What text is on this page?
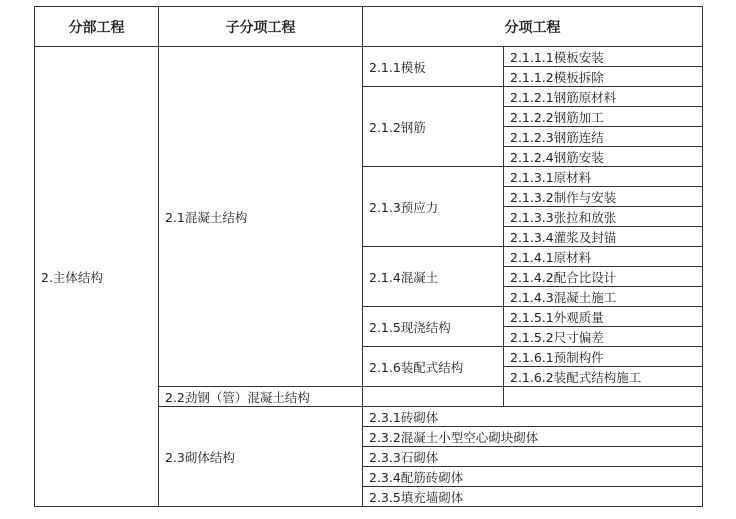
分部工程	子分项工程	分项工程	
2.主体结构	2.1混凝土结构	2.1.1模板	2.1.1.1模板安装
			2.1.1.2模板拆除
		2.1.2钢筋	2.1.2.1钢筋原材料
			2.1.2.2钢筋加工
			2.1.2.3钢筋连结
			2.1.2.4钢筋安装
		2.1.3预应力	2.1.3.1原材料
			2.1.3.2制作与安装
			2.1.3.3张拉和放张
			2.1.3.4灌浆及封锚
		2.1.4混凝土	2.1.4.1原材料
			2.1.4.2配合比设计
			2.1.4.3混凝土施工
		2.1.5现浇结构	2.1.5.1外观质量
			2.1.5.2尺寸偏差
		2.1.6装配式结构	2.1.6.1预制构件
			2.1.6.2装配式结构施工
	2.2劲钢（管）混凝土结构		
	2.3砌体结构	2.3.1砖砌体	
		2.3.2混凝土小型空心砌块砌体	
		2.3.3石砌体	
		2.3.4配筋砖砌体	
		2.3.5填充墙砌体	
